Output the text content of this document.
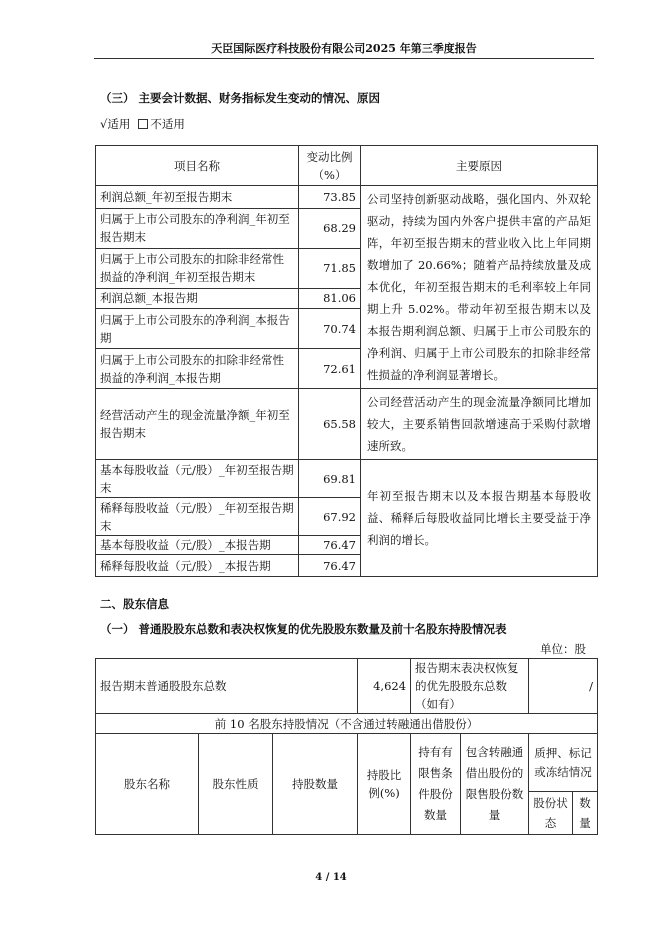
天臣国际医疗科技股份有限公司2025 年第三季度报告
（三） 主要会计数据、财务指标发生变动的情况、原因
√适用 不适用
项目名称	变动比例（%）	主要原因
利润总额_年初至报告期末	73.85	公司坚持创新驱动战略，强化国内、外双轮驱动，持续为国内外客户提供丰富的产品矩阵，年初至报告期末的营业收入比上年同期数增加了 20.66%；随着产品持续放量及成本优化，年初至报告期末的毛利率较上年同期上升 5.02%。带动年初至报告期末以及本报告期利润总额、归属于上市公司股东的净利润、归属于上市公司股东的扣除非经常性损益的净利润显著增长。
归属于上市公司股东的净利润_年初至报告期末	68.29	
归属于上市公司股东的扣除非经常性损益的净利润_年初至报告期末	71.85	
利润总额_本报告期	81.06	
归属于上市公司股东的净利润_本报告期	70.74	
归属于上市公司股东的扣除非经常性损益的净利润_本报告期	72.61	
经营活动产生的现金流量净额_年初至报告期末	65.58	公司经营活动产生的现金流量净额同比增加较大，主要系销售回款增速高于采购付款增速所致。
基本每股收益（元/股）_年初至报告期末	69.81	年初至报告期末以及本报告期基本每股收益、稀释后每股收益同比增长主要受益于净利润的增长。
稀释每股收益（元/股）_年初至报告期末	67.92	
基本每股收益（元/股）_本报告期	76.47	
稀释每股收益（元/股）_本报告期	76.47	
二、股东信息
（一） 普通股股东总数和表决权恢复的优先股股东数量及前十名股东持股情况表
单位：股
报告期末普通股股东总数			4,624	报告期末表决权恢复的优先股股东总数（如有）		/	
前 10 名股东持股情况（不含通过转融通出借股份）							
股东名称	股东性质	持股数量	持股比例(%)	持有有限售条件股份数量	包含转融通借出股份的限售股份数量	质押、标记或冻结情况	
						股份状态	数量
4 / 14
